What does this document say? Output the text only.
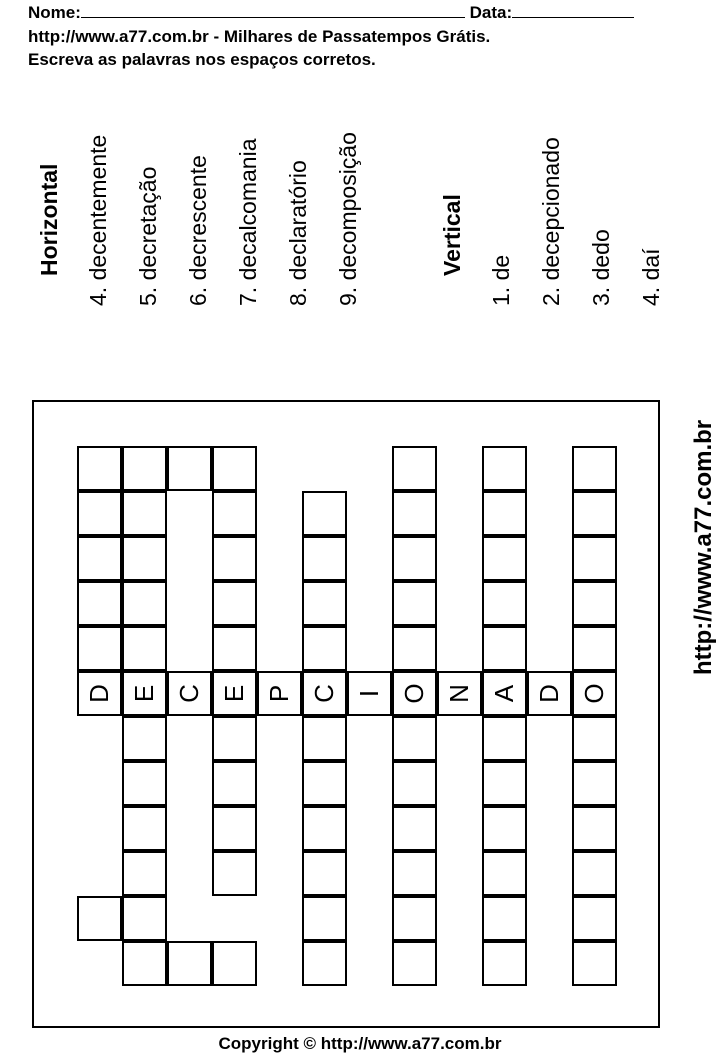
Nome:	Data:
http://www.a77.com.br - Milhares de Passatempos Grátis.
Escreva as palavras nos espaços corretos.
Horizontal 4. decentemente 5. decretação 6. decrescente 7. decalcomania 8. declaratório 9. decomposição	Vertical
1. de 2. decepcionado 3. dedo 4. daí
http://www.a77.com.br
D E C E P C I O N A D O
Copyright © http://www.a77.com.br
